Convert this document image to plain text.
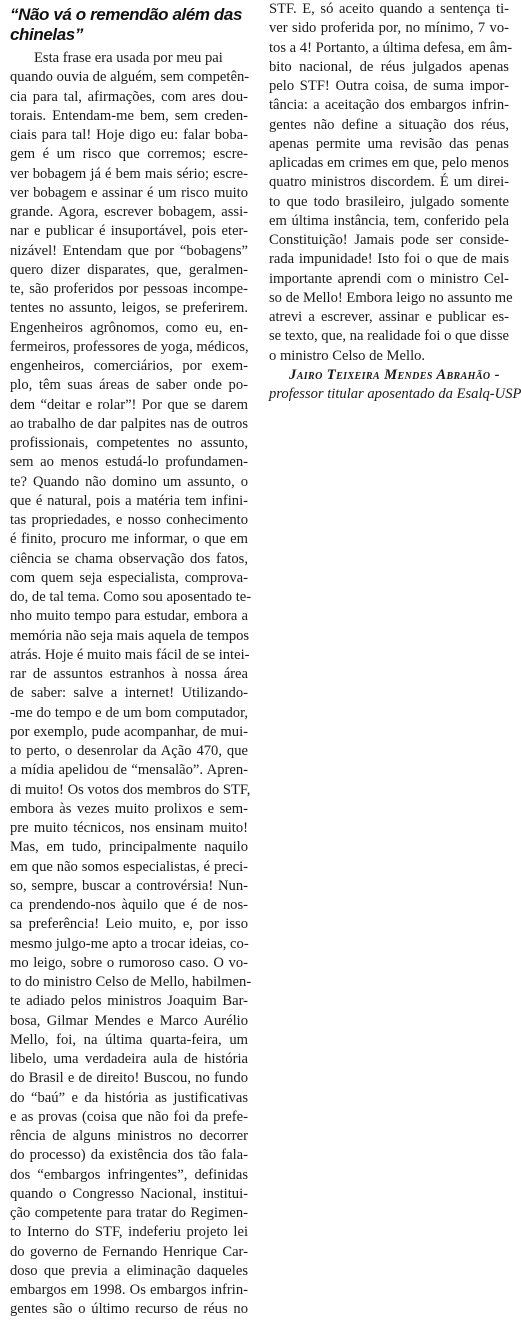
“Não vá o remendão além das chinelas”
Esta frase era usada por meu pai
quando ouvia de alguém, sem competên-
cia para tal, afirmações, com ares dou-
torais. Entendam-me bem, sem creden-
ciais para tal! Hoje digo eu: falar boba-
gem é um risco que corremos; escre-
ver bobagem já é bem mais sério; escre-
ver bobagem e assinar é um risco muito
grande. Agora, escrever bobagem, assi-
nar e publicar é insuportável, pois eter-
nizável! Entendam que por “bobagens”
quero dizer disparates, que, geralmen-
te, são proferidos por pessoas incompe-
tentes no assunto, leigos, se preferirem.
Engenheiros agrônomos, como eu, en-
fermeiros, professores de yoga, médicos,
engenheiros, comerciários, por exem-
plo, têm suas áreas de saber onde po-
dem “deitar e rolar”! Por que se darem
ao trabalho de dar palpites nas de outros
profissionais, competentes no assunto,
sem ao menos estudá-lo profundamen-
te? Quando não domino um assunto, o
que é natural, pois a matéria tem infini-
tas propriedades, e nosso conhecimento
é finito, procuro me informar, o que em
ciência se chama observação dos fatos,
com quem seja especialista, comprova-
do, de tal tema. Como sou aposentado te-
nho muito tempo para estudar, embora a
memória não seja mais aquela de tempos
atrás. Hoje é muito mais fácil de se intei-
rar de assuntos estranhos à nossa área
de saber: salve a internet! Utilizando-
-me do tempo e de um bom computador,
por exemplo, pude acompanhar, de mui-
to perto, o desenrolar da Ação 470, que
a mídia apelidou de “mensalão”. Apren-
di muito! Os votos dos membros do STF,
embora às vezes muito prolixos e sem-
pre muito técnicos, nos ensinam muito!
Mas, em tudo, principalmente naquilo
em que não somos especialistas, é preci-
so, sempre, buscar a controvérsia! Nun-
ca prendendo-nos àquilo que é de nos-
sa preferência! Leio muito, e, por isso
mesmo julgo-me apto a trocar ideias, co-
mo leigo, sobre o rumoroso caso. O vo-
to do ministro Celso de Mello, habilmen-
te adiado pelos ministros Joaquim Bar-
bosa, Gilmar Mendes e Marco Aurélio
Mello, foi, na última quarta-feira, um
libelo, uma verdadeira aula de história
do Brasil e de direito! Buscou, no fundo
do “baú” e da história as justificativas
e as provas (coisa que não foi da prefe-
rência de alguns ministros no decorrer
do processo) da existência dos tão fala-
dos “embargos infringentes”, definidas
quando o Congresso Nacional, institui-
ção competente para tratar do Regimen-
to Interno do STF, indeferiu projeto lei
do governo de Fernando Henrique Car-
doso que previa a eliminação daqueles
embargos em 1998. Os embargos infrin-
gentes são o último recurso de réus no
STF. E, só aceito quando a sentença ti-
ver sido proferida por, no mínimo, 7 vo-
tos a 4! Portanto, a última defesa, em âm-
bito nacional, de réus julgados apenas
pelo STF! Outra coisa, de suma impor-
tância: a aceitação dos embargos infrin-
gentes não define a situação dos réus,
apenas permite uma revisão das penas
aplicadas em crimes em que, pelo menos
quatro ministros discordem. É um direi-
to que todo brasileiro, julgado somente
em última instância, tem, conferido pela
Constituição! Jamais pode ser conside-
rada impunidade! Isto foi o que de mais
importante aprendi com o ministro Cel-
so de Mello! Embora leigo no assunto me
atrevi a escrever, assinar e publicar es-
se texto, que, na realidade foi o que disse
o ministro Celso de Mello.
Jairo Teixeira Mendes Abrahão -
professor titular aposentado da Esalq-USP
